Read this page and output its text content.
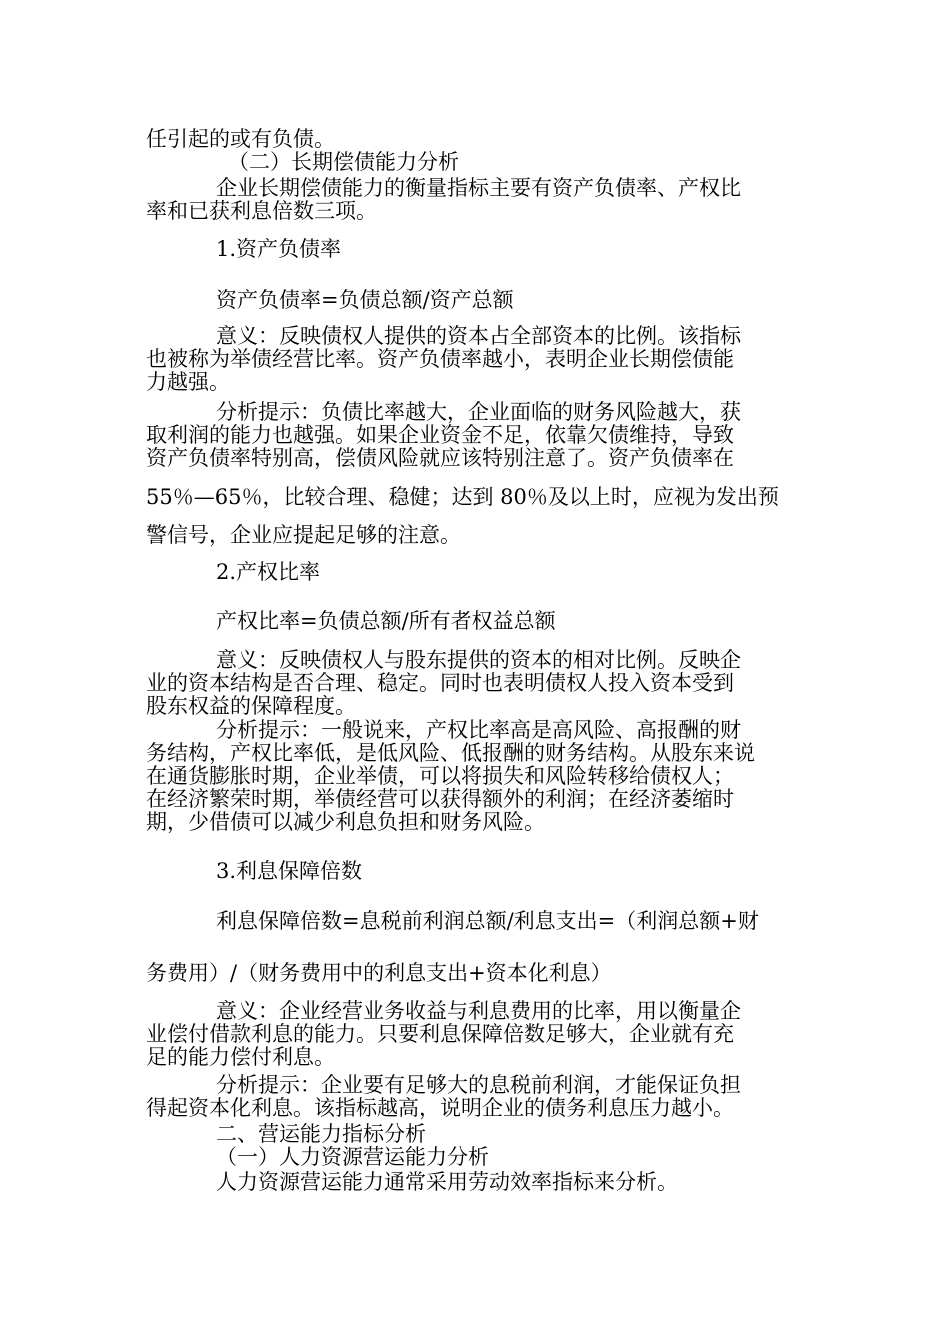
任引起的或有负债。
（二）长期偿债能力分析
企业长期偿债能力的衡量指标主要有资产负债率、产权比
率和已获利息倍数三项。
1.资产负债率
资产负债率=负债总额/资产总额
意义：反映债权人提供的资本占全部资本的比例。该指标
也被称为举债经营比率。资产负债率越小，表明企业长期偿债能
力越强。
分析提示：负债比率越大，企业面临的财务风险越大，获
取利润的能力也越强。如果企业资金不足，依靠欠债维持，导致
资产负债率特别高，偿债风险就应该特别注意了。资产负债率在
55％—65％，比较合理、稳健；达到 80％及以上时，应视为发出预
警信号，企业应提起足够的注意。
2.产权比率
产权比率=负债总额/所有者权益总额
意义：反映债权人与股东提供的资本的相对比例。反映企
业的资本结构是否合理、稳定。同时也表明债权人投入资本受到
股东权益的保障程度。
分析提示：一般说来，产权比率高是高风险、高报酬的财
务结构，产权比率低，是低风险、低报酬的财务结构。从股东来说
在通货膨胀时期，企业举债，可以将损失和风险转移给债权人；
在经济繁荣时期，举债经营可以获得额外的利润；在经济萎缩时
期，少借债可以减少利息负担和财务风险。
3.利息保障倍数
利息保障倍数=息税前利润总额/利息支出=（利润总额+财
务费用）/（财务费用中的利息支出+资本化利息）
意义：企业经营业务收益与利息费用的比率，用以衡量企
业偿付借款利息的能力。只要利息保障倍数足够大，企业就有充
足的能力偿付利息。
分析提示：企业要有足够大的息税前利润，才能保证负担
得起资本化利息。该指标越高，说明企业的债务利息压力越小。
二、营运能力指标分析
（一）人力资源营运能力分析
人力资源营运能力通常采用劳动效率指标来分析。
